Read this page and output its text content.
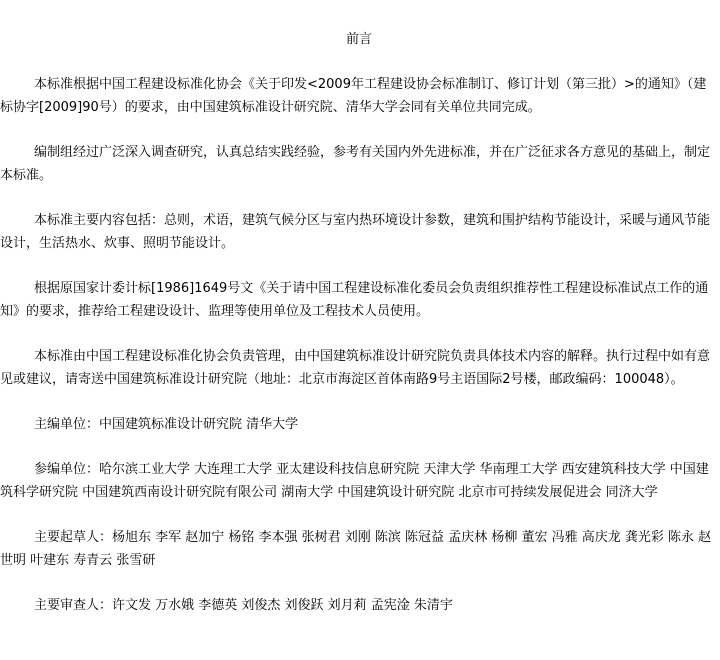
前言

本标准根据中国工程建设标准化协会《关于印发<2009年工程建设协会标准制订、修订计划（第三批）>的通知》（建标协字[2009]90号）的要求，由中国建筑标准设计研究院、清华大学会同有关单位共同完成。

编制组经过广泛深入调查研究，认真总结实践经验，参考有关国内外先进标准，并在广泛征求各方意见的基础上，制定本标准。

本标准主要内容包括：总则，术语，建筑气候分区与室内热环境设计参数，建筑和围护结构节能设计，采暖与通风节能设计，生活热水、炊事、照明节能设计。

根据原国家计委计标[1986]1649号文《关于请中国工程建设标准化委员会负责组织推荐性工程建设标准试点工作的通知》的要求，推荐给工程建设设计、监理等使用单位及工程技术人员使用。

本标准由中国工程建设标准化协会负责管理，由中国建筑标准设计研究院负责具体技术内容的解释。执行过程中如有意见或建议，请寄送中国建筑标准设计研究院（地址：北京市海淀区首体南路9号主语国际2号楼，邮政编码：100048）。

主编单位：中国建筑标准设计研究院 清华大学

参编单位：哈尔滨工业大学 大连理工大学 亚太建设科技信息研究院 天津大学 华南理工大学 西安建筑科技大学 中国建筑科学研究院 中国建筑西南设计研究院有限公司 湖南大学 中国建筑设计研究院 北京市可持续发展促进会 同济大学

主要起草人：杨旭东 李军 赵加宁 杨铭 李本强 张树君 刘刚 陈滨 陈冠益 孟庆林 杨柳 董宏 冯雅 高庆龙 龚光彩 陈永 赵世明 叶建东 寿青云 张雪研

主要审查人：许文发 万水娥 李德英 刘俊杰 刘俊跃 刘月莉 孟宪淦 朱清宇
